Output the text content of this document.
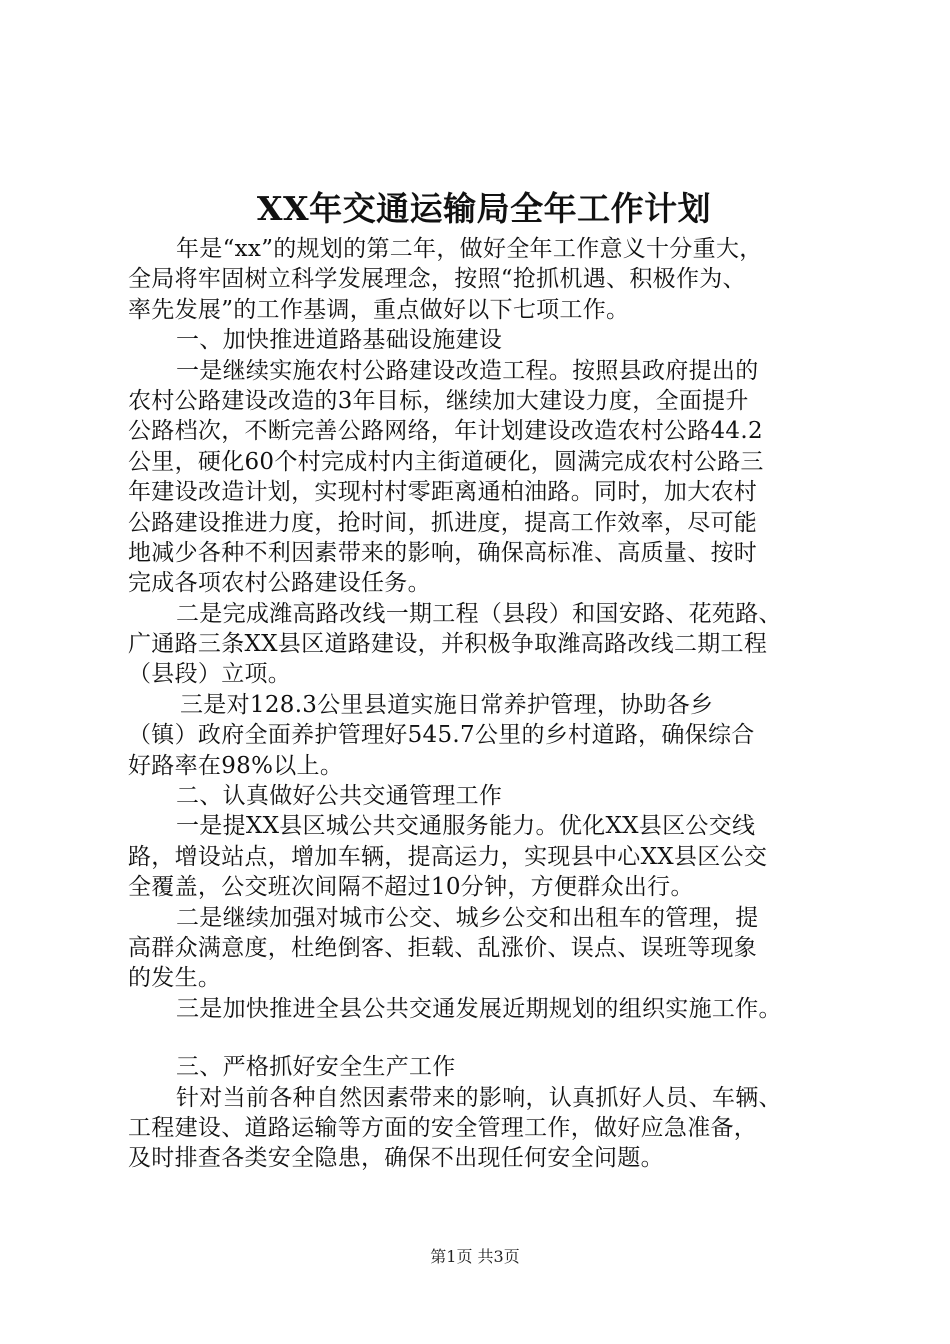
XX年交通运输局全年工作计划
年是“xx”的规划的第二年，做好全年工作意义十分重大，
全局将牢固树立科学发展理念，按照“抢抓机遇、积极作为、
率先发展”的工作基调，重点做好以下七项工作。
一、加快推进道路基础设施建设
一是继续实施农村公路建设改造工程。按照县政府提出的
农村公路建设改造的3年目标，继续加大建设力度，全面提升
公路档次，不断完善公路网络，年计划建设改造农村公路44.2
公里，硬化60个村完成村内主街道硬化，圆满完成农村公路三
年建设改造计划，实现村村零距离通柏油路。同时，加大农村
公路建设推进力度，抢时间，抓进度，提高工作效率，尽可能
地减少各种不利因素带来的影响，确保高标准、高质量、按时
完成各项农村公路建设任务。
二是完成潍高路改线一期工程（县段）和国安路、花苑路、
广通路三条XX县区道路建设，并积极争取潍高路改线二期工程
（县段）立项。
三是对128.3公里县道实施日常养护管理，协助各乡
（镇）政府全面养护管理好545.7公里的乡村道路，确保综合
好路率在98%以上。
二、认真做好公共交通管理工作
一是提XX县区城公共交通服务能力。优化XX县区公交线
路，增设站点，增加车辆，提高运力，实现县中心XX县区公交
全覆盖，公交班次间隔不超过10分钟，方便群众出行。
二是继续加强对城市公交、城乡公交和出租车的管理，提
高群众满意度，杜绝倒客、拒载、乱涨价、误点、误班等现象
的发生。
三是加快推进全县公共交通发展近期规划的组织实施工作。
三、严格抓好安全生产工作
针对当前各种自然因素带来的影响，认真抓好人员、车辆、
工程建设、道路运输等方面的安全管理工作，做好应急准备，
及时排查各类安全隐患，确保不出现任何安全问题。
第1页 共3页
